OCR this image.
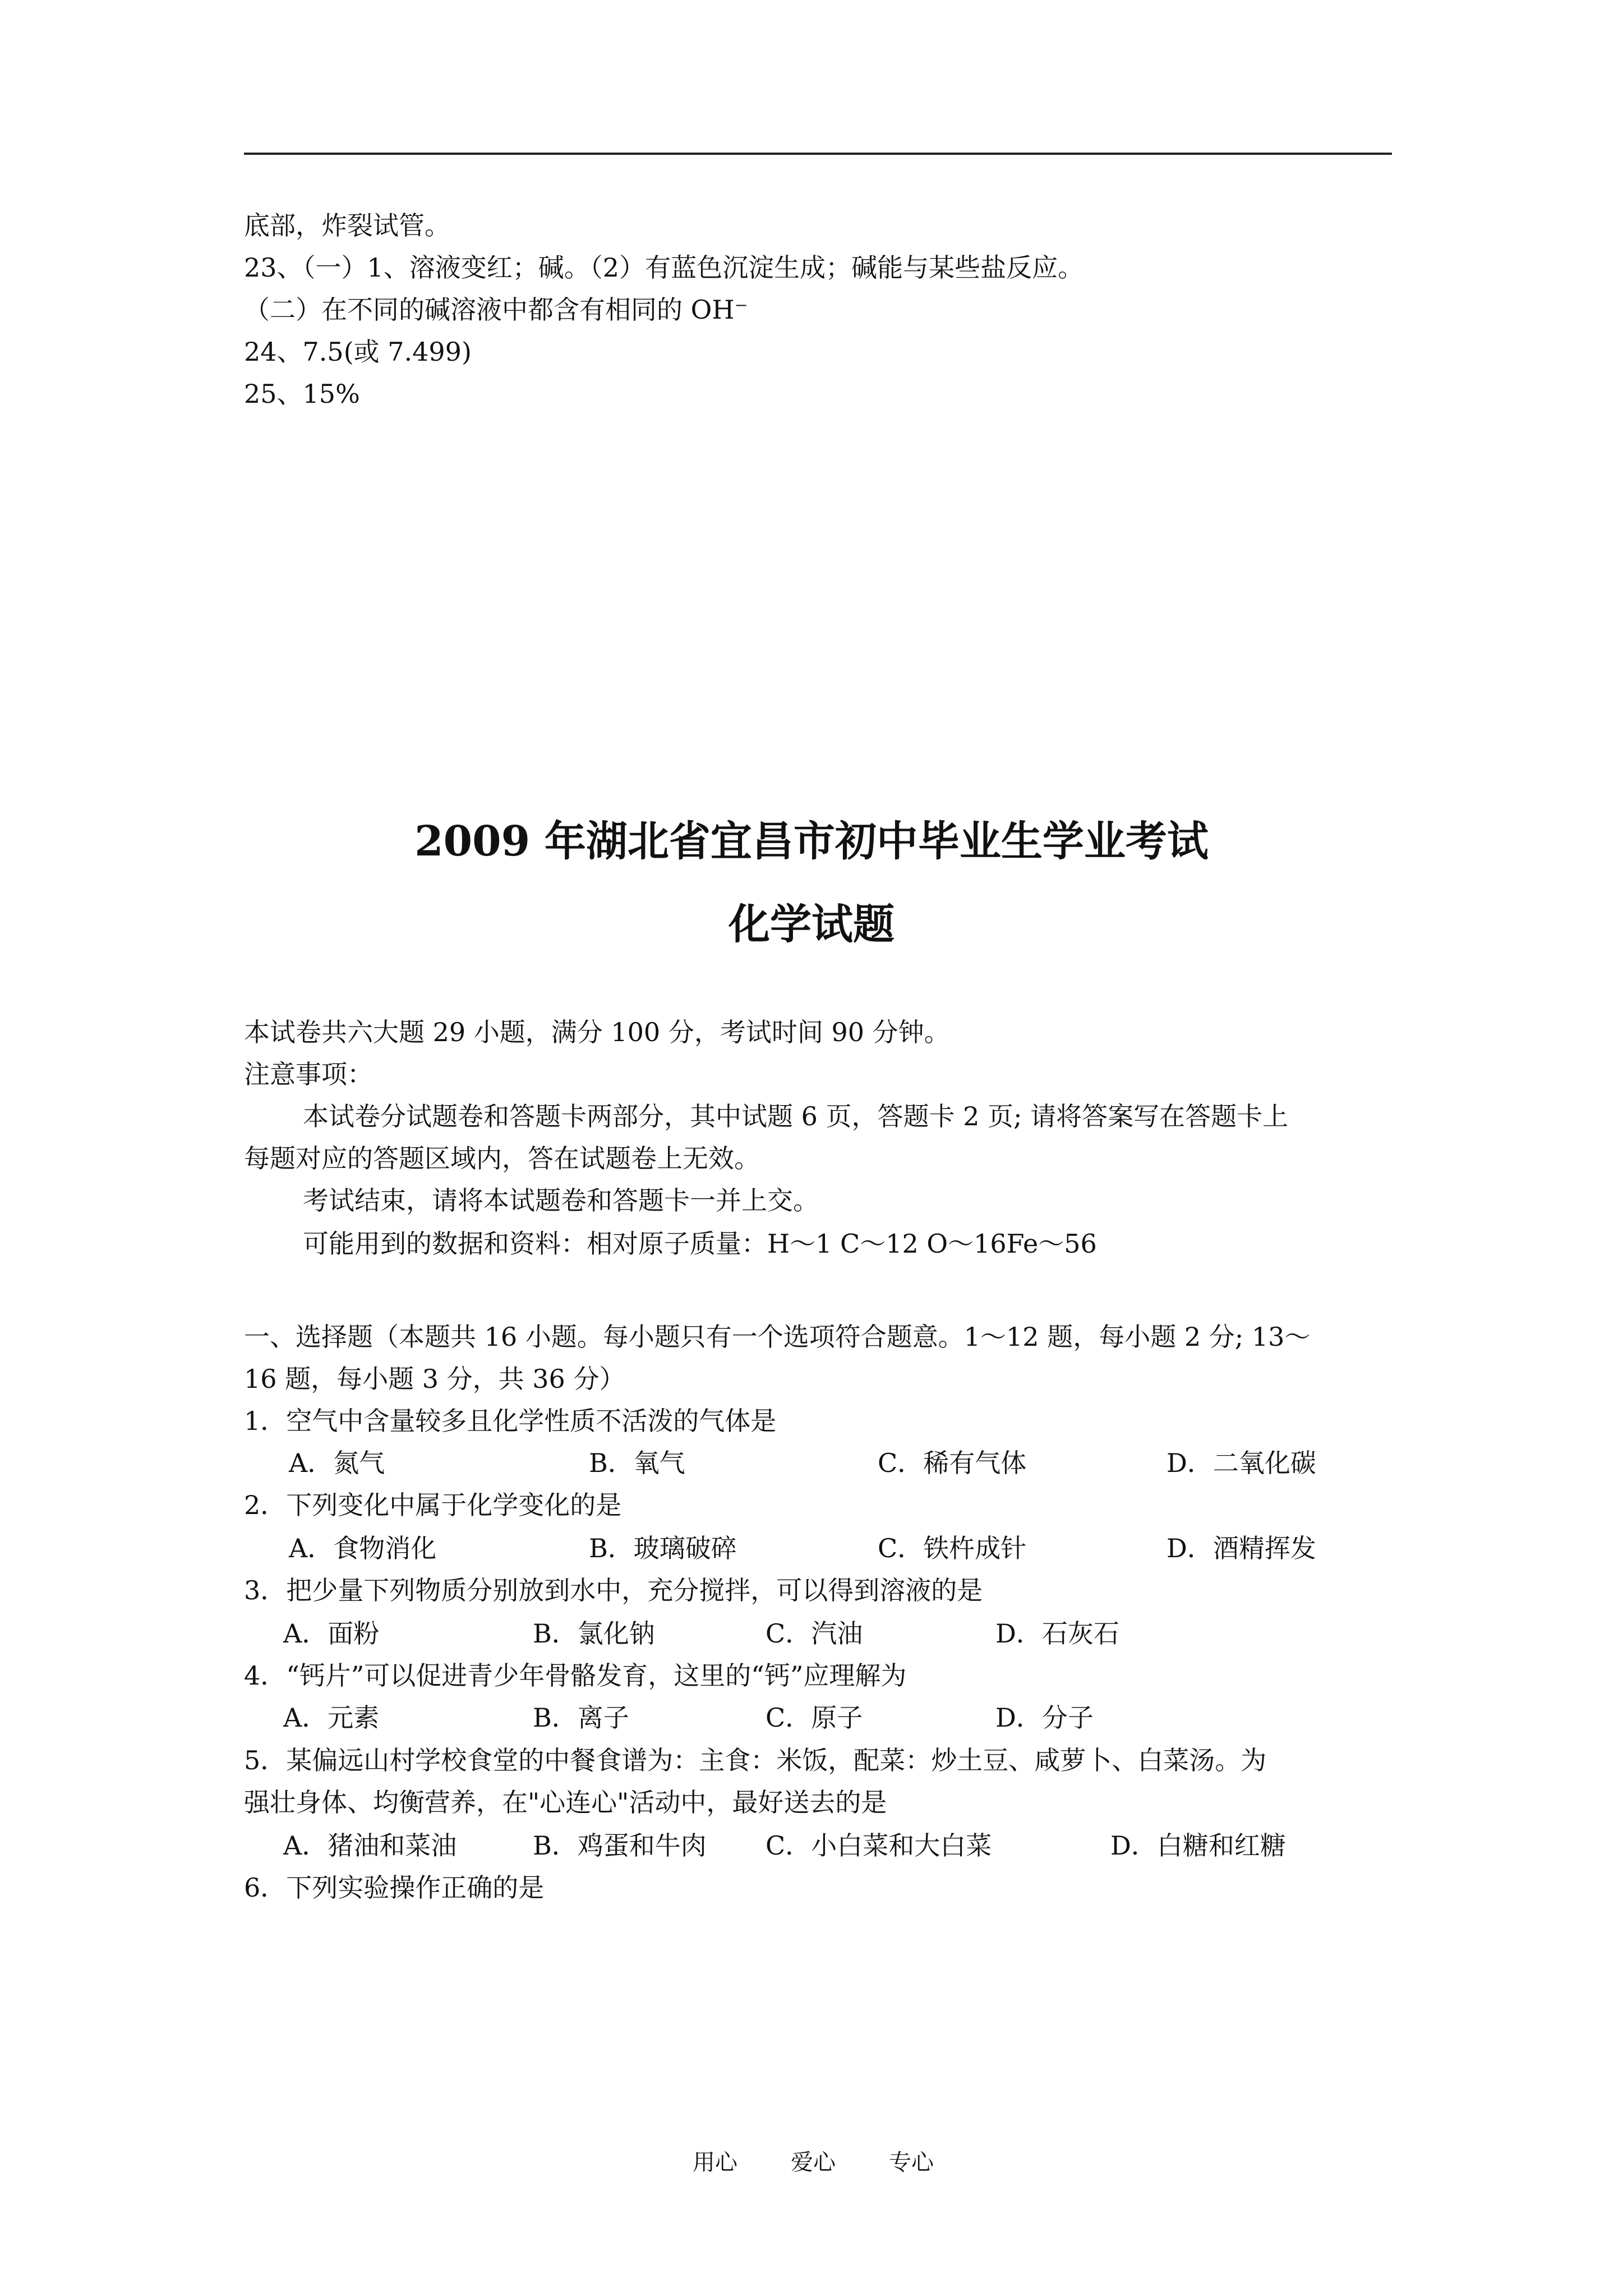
底部，炸裂试管。
23、（一）1、溶液变红；碱。（2）有蓝色沉淀生成；碱能与某些盐反应。
（二）在不同的碱溶液中都含有相同的 OH⁻
24、7.5(或 7.499)
25、15%
2009 年湖北省宜昌市初中毕业生学业考试
化学试题
本试卷共六大题 29 小题，满分 100 分，考试时间 90 分钟。
注意事项：
本试卷分试题卷和答题卡两部分，其中试题 6 页，答题卡 2 页; 请将答案写在答题卡上
每题对应的答题区域内，答在试题卷上无效。
考试结束，请将本试题卷和答题卡一并上交。
可能用到的数据和资料：相对原子质量：H～1 C～12 O～16Fe～56
一、选择题（本题共 16 小题。每小题只有一个选项符合题意。1～12 题，每小题 2 分; 13～
16 题，每小题 3 分，共 36 分）
1．空气中含量较多且化学性质不活泼的气体是
A．氮气	B．氧气	C．稀有气体	D．二氧化碳
2．下列变化中属于化学变化的是
A．食物消化	B．玻璃破碎	C．铁杵成针	D．酒精挥发
3．把少量下列物质分别放到水中，充分搅拌，可以得到溶液的是
A．面粉	B．氯化钠	C．汽油	D．石灰石
4．“钙片”可以促进青少年骨骼发育，这里的“钙”应理解为
A．元素	B．离子	C．原子	D．分子
5．某偏远山村学校食堂的中餐食谱为：主食：米饭，配菜：炒土豆、咸萝卜、白菜汤。为
强壮身体、均衡营养，在"心连心"活动中，最好送去的是
A．猪油和菜油	B．鸡蛋和牛肉 C．小白菜和大白菜	D．白糖和红糖
6．下列实验操作正确的是
用心 爱心 专心
